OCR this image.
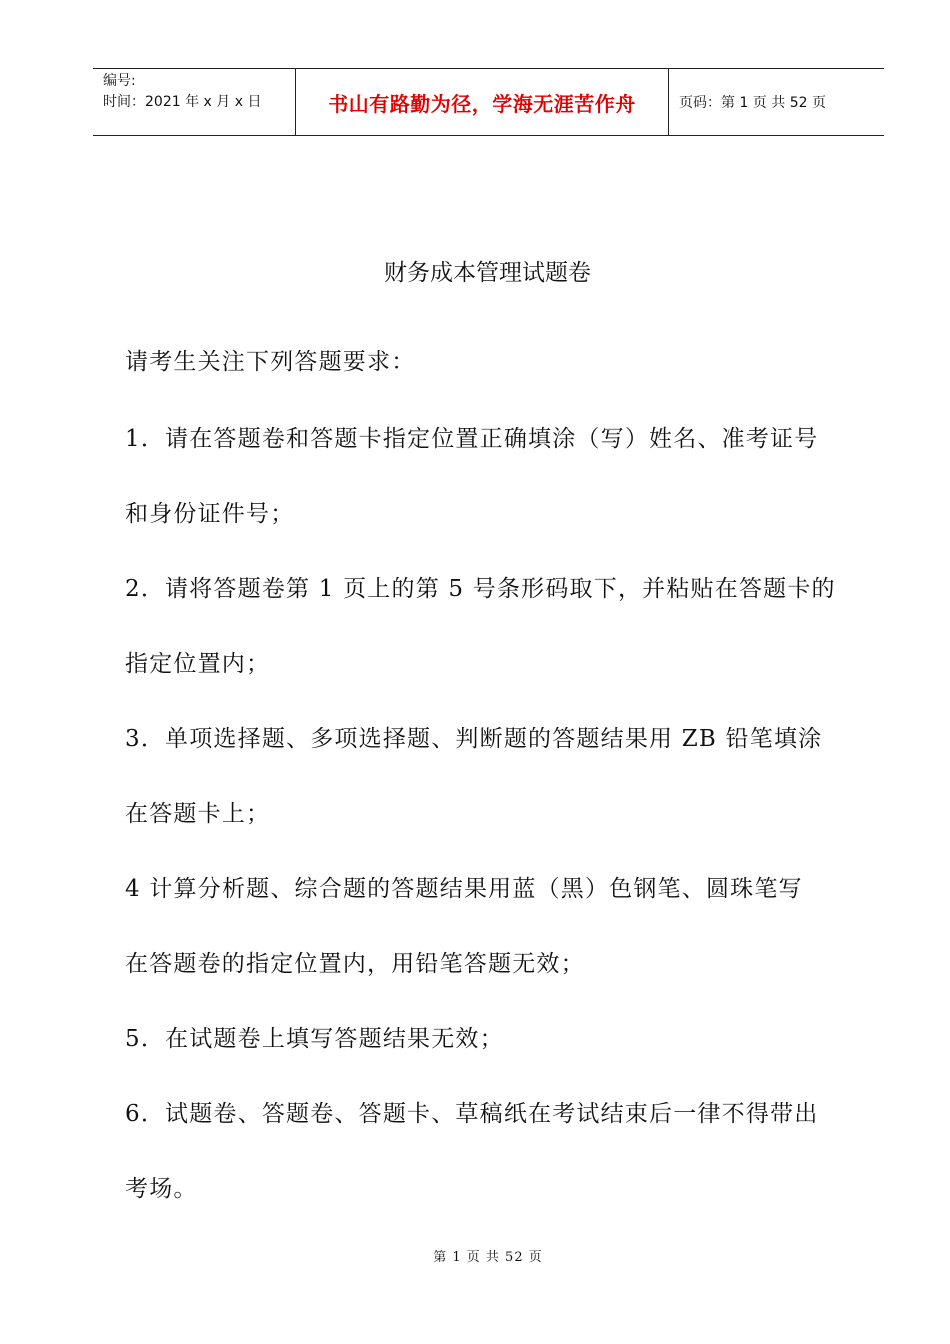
编号:
时间：2021 年 x 月 x 日	书山有路勤为径，学海无涯苦作舟	页码：第 1 页 共 52 页
财务成本管理试题卷
请考生关注下列答题要求：
1．请在答题卷和答题卡指定位置正确填涂（写）姓名、准考证号
和身份证件号；
2．请将答题卷第 1 页上的第 5 号条形码取下，并粘贴在答题卡的
指定位置内；
3．单项选择题、多项选择题、判断题的答题结果用 ZB 铅笔填涂
在答题卡上；
4 计算分析题、综合题的答题结果用蓝（黑）色钢笔、圆珠笔写
在答题卷的指定位置内，用铅笔答题无效；
5．在试题卷上填写答题结果无效；
6．试题卷、答题卷、答题卡、草稿纸在考试结束后一律不得带出
考场。
第 1 页 共 52 页
